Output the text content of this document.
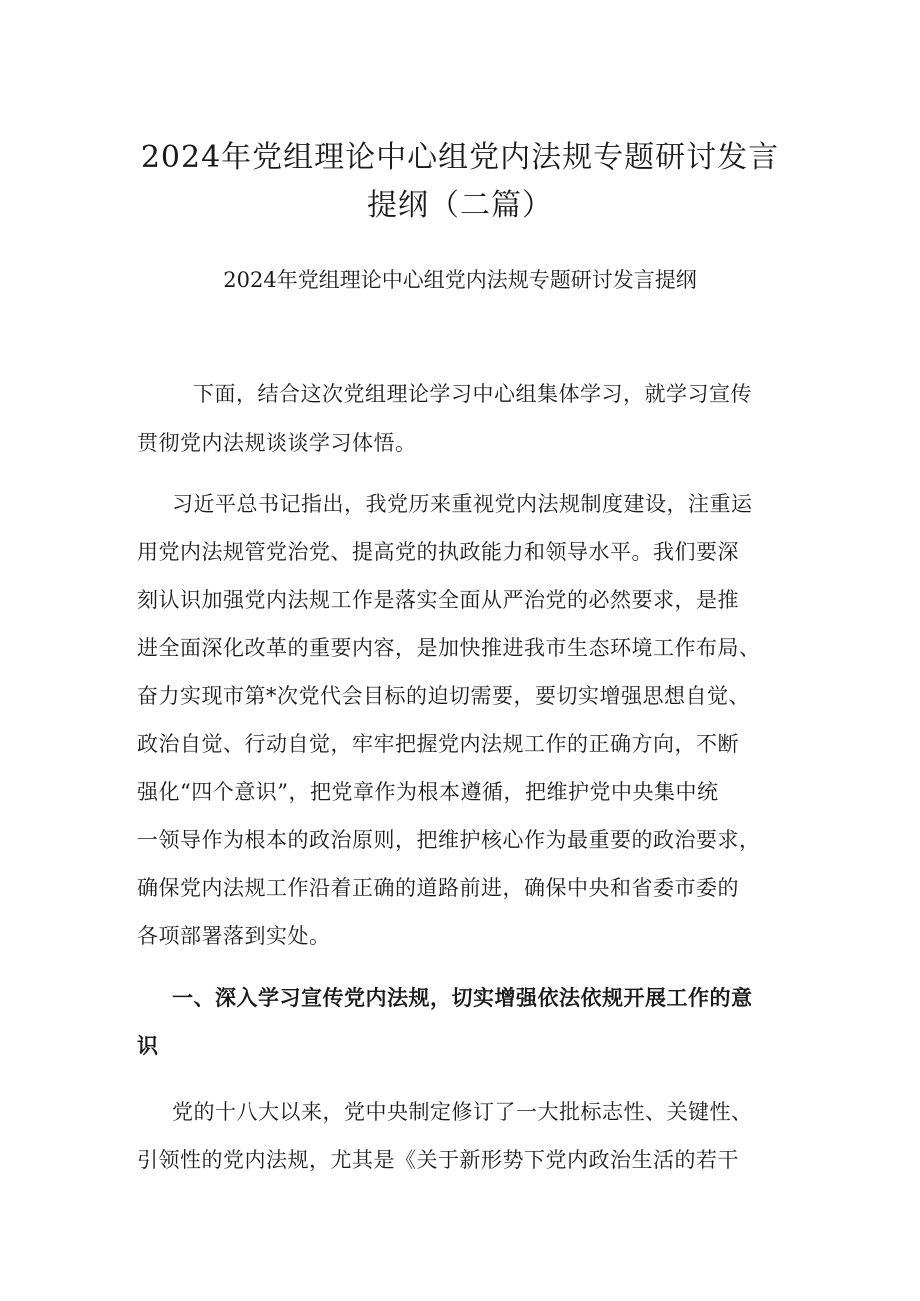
2024年党组理论中心组党内法规专题研讨发言
提纲（二篇）
2024年党组理论中心组党内法规专题研讨发言提纲

下面，结合这次党组理论学习中心组集体学习，就学习宣传

贯彻党内法规谈谈学习体悟。

习近平总书记指出，我党历来重视党内法规制度建设，注重运

用党内法规管党治党、提高党的执政能力和领导水平。我们要深

刻认识加强党内法规工作是落实全面从严治党的必然要求，是推

进全面深化改革的重要内容，是加快推进我市生态环境工作布局、

奋力实现市第*次党代会目标的迫切需要，要切实增强思想自觉、

政治自觉、行动自觉，牢牢把握党内法规工作的正确方向，不断

强化“四个意识”，把党章作为根本遵循，把维护党中央集中统

一领导作为根本的政治原则，把维护核心作为最重要的政治要求，

确保党内法规工作沿着正确的道路前进，确保中央和省委市委的

各项部署落到实处。

一、深入学习宣传党内法规，切实增强依法依规开展工作的意

识

党的十八大以来，党中央制定修订了一大批标志性、关键性、

引领性的党内法规，尤其是《关于新形势下党内政治生活的若干
